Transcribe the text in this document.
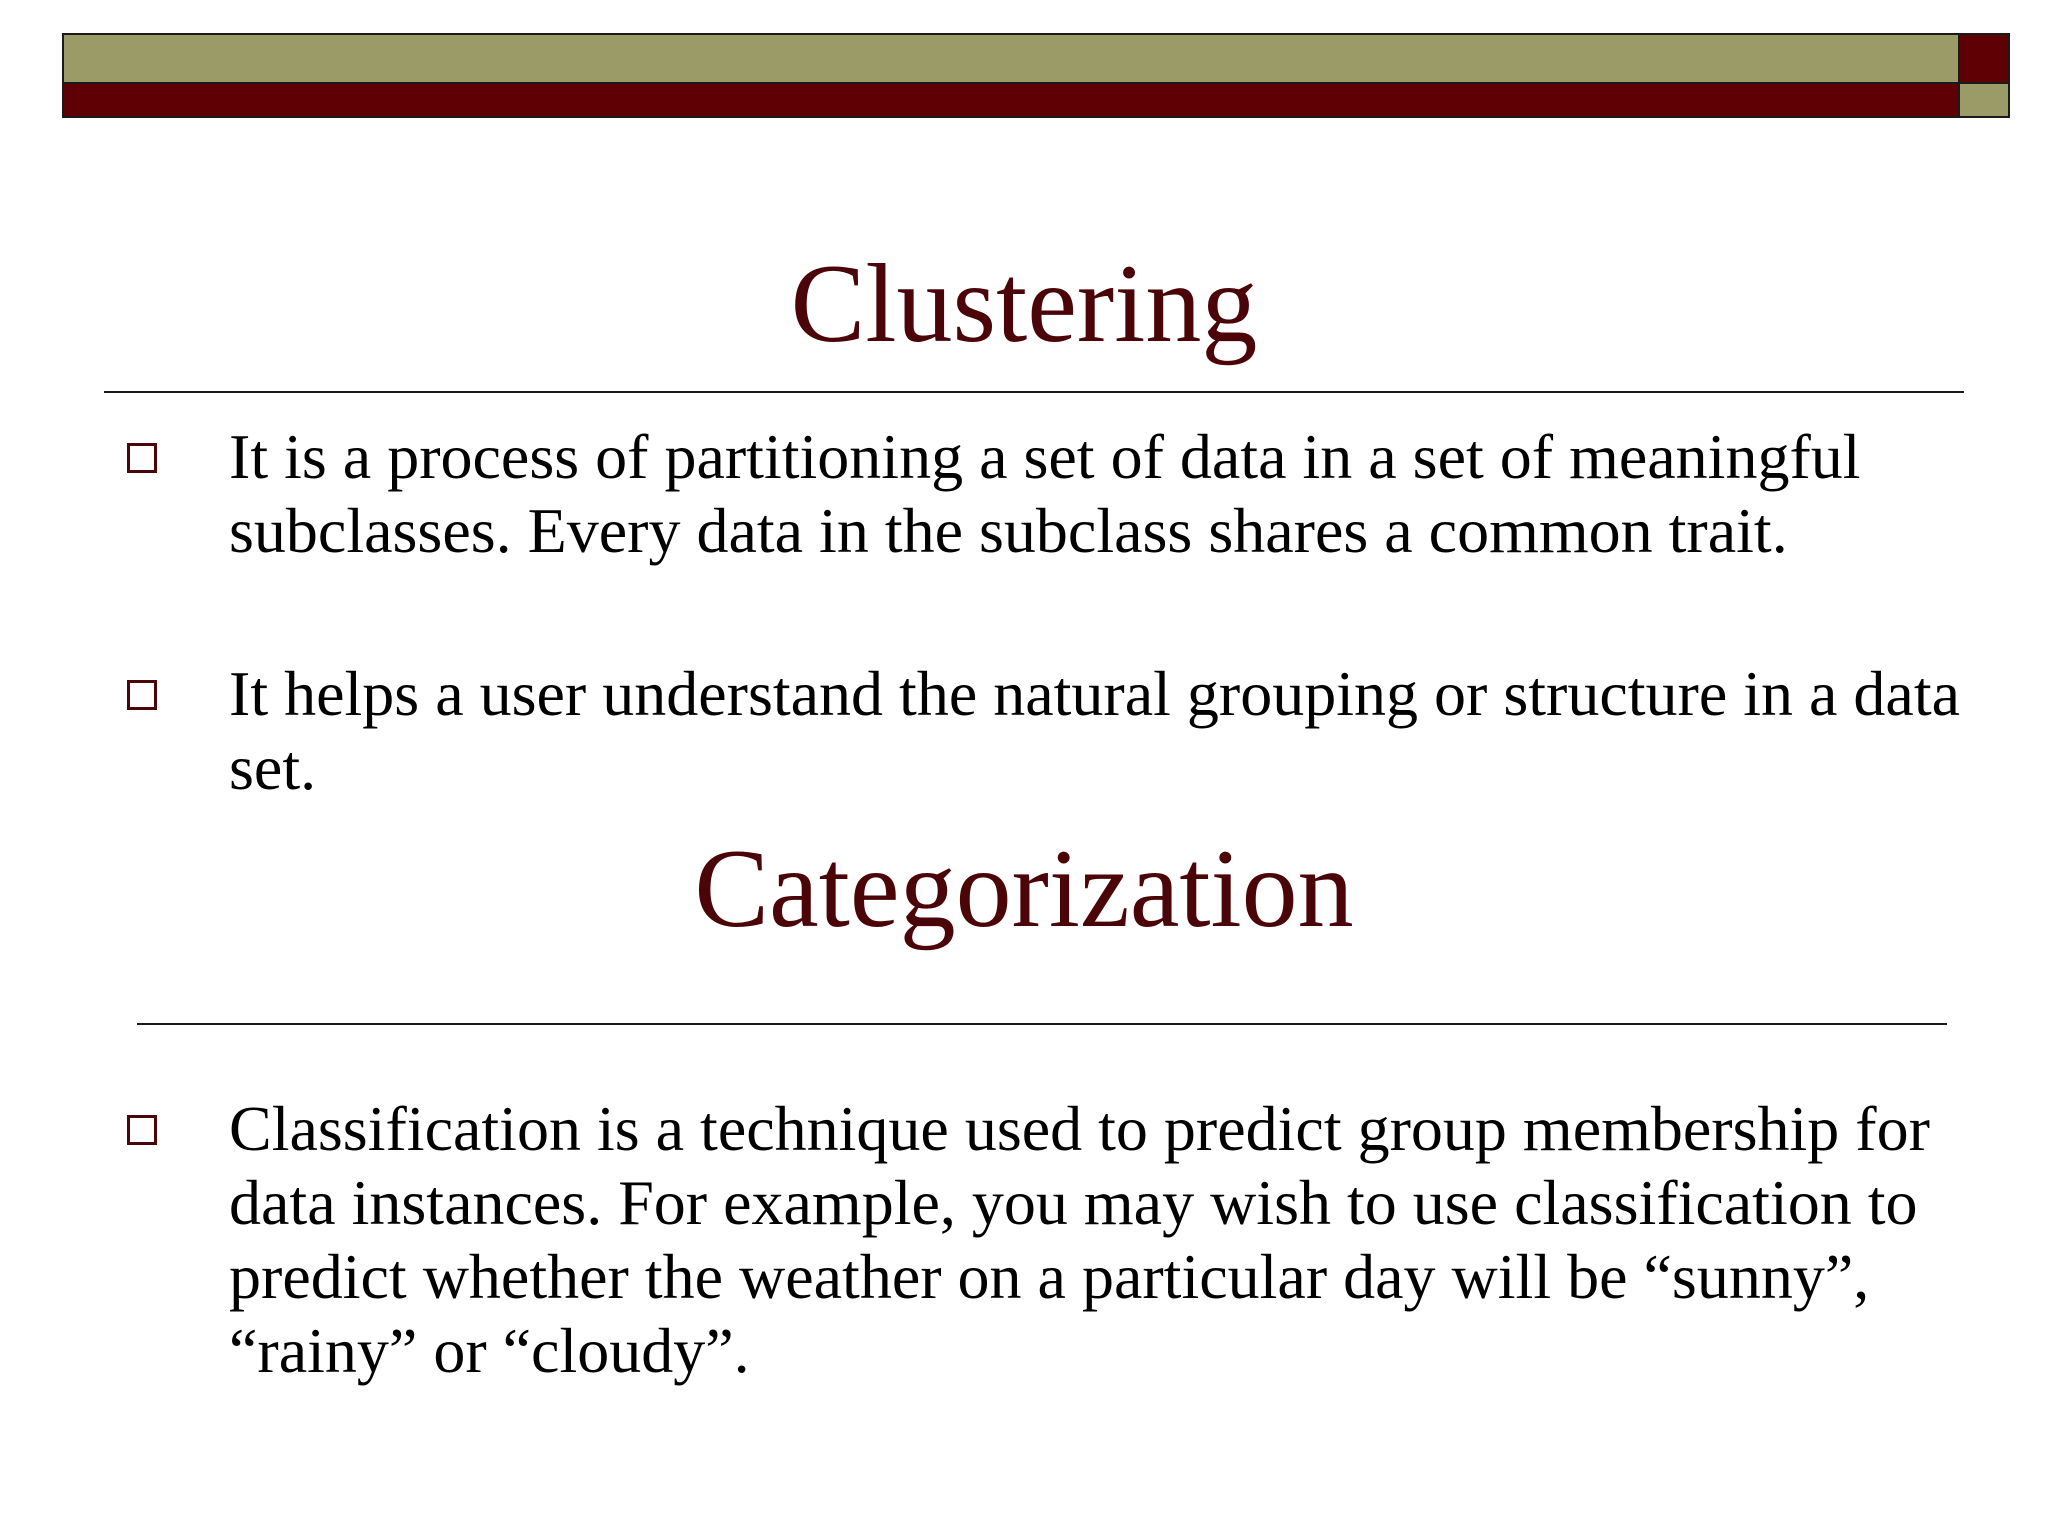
Clustering
It is a process of partitioning a set of data in a set of meaningful subclasses. Every data in the subclass shares a common trait.
It helps a user understand the natural grouping or structure in a data set.
Categorization
Classification is a technique used to predict group membership for data instances. For example, you may wish to use classification to predict whether the weather on a particular day will be “sunny”, “rainy” or “cloudy”.
